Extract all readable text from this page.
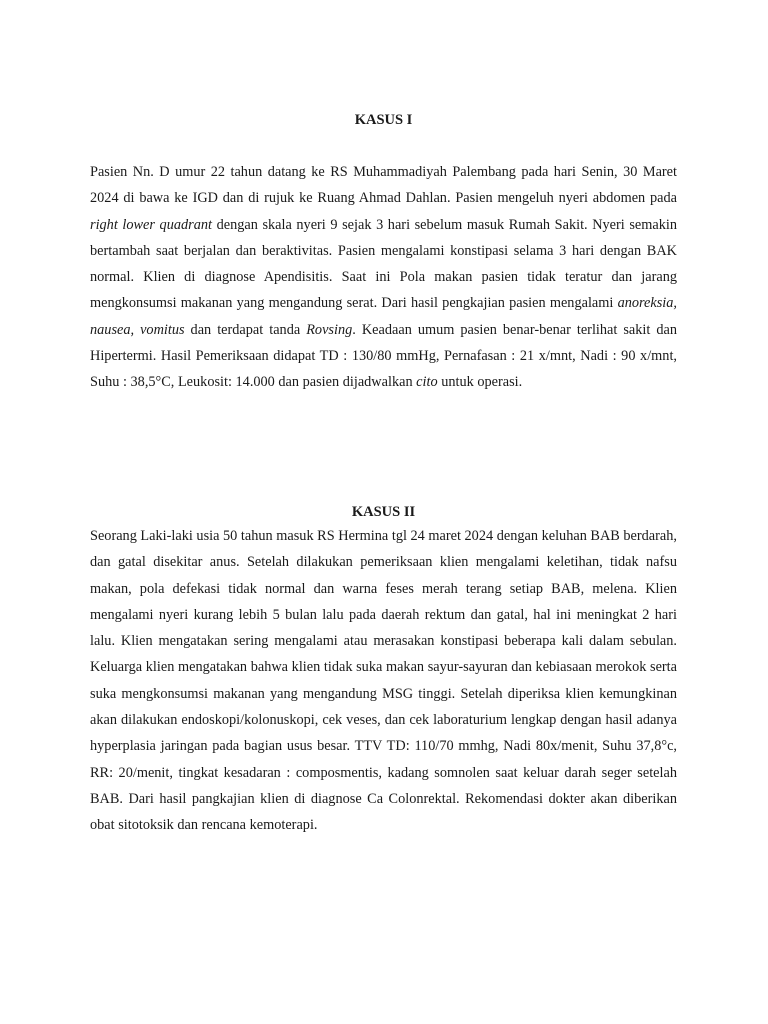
KASUS I

Pasien Nn. D umur 22 tahun datang ke RS Muhammadiyah Palembang pada hari Senin, 30 Maret 2024 di bawa ke IGD dan di rujuk ke Ruang Ahmad Dahlan. Pasien mengeluh nyeri abdomen pada right lower quadrant dengan skala nyeri 9 sejak 3 hari sebelum masuk Rumah Sakit. Nyeri semakin bertambah saat berjalan dan beraktivitas. Pasien mengalami konstipasi selama 3 hari dengan BAK normal. Klien di diagnose Apendisitis. Saat ini Pola makan pasien tidak teratur dan jarang mengkonsumsi makanan yang mengandung serat. Dari hasil pengkajian pasien mengalami anoreksia, nausea, vomitus dan terdapat tanda Rovsing. Keadaan umum pasien benar-benar terlihat sakit dan Hipertermi. Hasil Pemeriksaan didapat TD : 130/80 mmHg, Pernafasan : 21 x/mnt, Nadi : 90 x/mnt, Suhu : 38,5°C, Leukosit: 14.000 dan pasien dijadwalkan cito untuk operasi.

KASUS II

Seorang Laki-laki usia 50 tahun masuk RS Hermina tgl 24 maret 2024 dengan keluhan BAB berdarah, dan gatal disekitar anus. Setelah dilakukan pemeriksaan klien mengalami keletihan, tidak nafsu makan, pola defekasi tidak normal dan warna feses merah terang setiap BAB, melena. Klien mengalami nyeri kurang lebih 5 bulan lalu pada daerah rektum dan gatal, hal ini meningkat 2 hari lalu. Klien mengatakan sering mengalami atau merasakan konstipasi beberapa kali dalam sebulan. Keluarga klien mengatakan bahwa klien tidak suka makan sayur-sayuran dan kebiasaan merokok serta suka mengkonsumsi makanan yang mengandung MSG tinggi. Setelah diperiksa klien kemungkinan akan dilakukan endoskopi/kolonuskopi, cek veses, dan cek laboraturium lengkap dengan hasil adanya hyperplasia jaringan pada bagian usus besar. TTV TD: 110/70 mmhg, Nadi 80x/menit, Suhu 37,8°c, RR: 20/menit, tingkat kesadaran : composmentis, kadang somnolen saat keluar darah seger setelah BAB. Dari hasil pangkajian klien di diagnose Ca Colonrektal. Rekomendasi dokter akan diberikan obat sitotoksik dan rencana kemoterapi.
